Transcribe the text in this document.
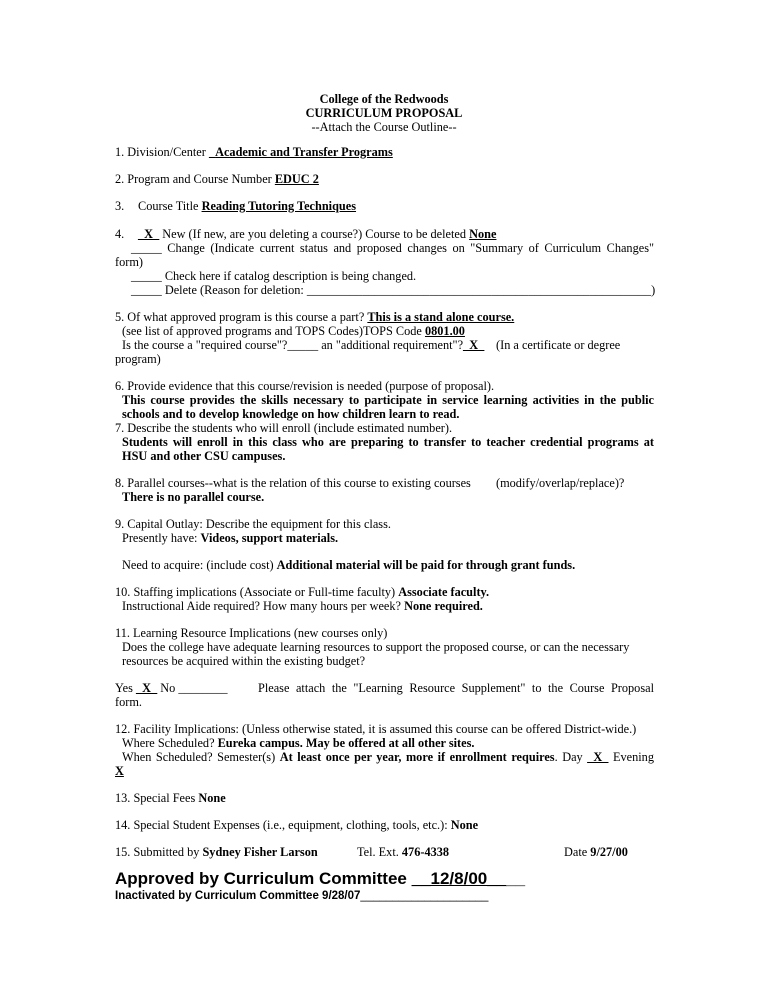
College of the Redwoods
CURRICULUM PROPOSAL
--Attach the Course Outline--
1. Division/Center _Academic and Transfer Programs
2. Program and Course Number EDUC 2
3. Course Title Reading Tutoring Techniques
4. _X_ New (If new, are you deleting a course?) Course to be deleted None
_____ Change (Indicate current status and proposed changes on "Summary of Curriculum Changes"
form)
_____ Check here if catalog description is being changed.
_____ Delete (Reason for deletion: ________________________________________________________)
5. Of what approved program is this course a part? This is a stand alone course.
(see list of approved programs and TOPS Codes)TOPS Code 0801.00
Is the course a "required course"?_____ an "additional requirement"?_X_ (In a certificate or degree
program)
6. Provide evidence that this course/revision is needed (purpose of proposal).
This course provides the skills necessary to participate in service learning activities in the public
schools and to develop knowledge on how children learn to read.
7. Describe the students who will enroll (include estimated number).
Students will enroll in this class who are preparing to transfer to teacher credential programs at
HSU and other CSU campuses.
8. Parallel courses--what is the relation of this course to existing courses (modify/overlap/replace)?
There is no parallel course.
9. Capital Outlay: Describe the equipment for this class.
Presently have: Videos, support materials.
Need to acquire: (include cost) Additional material will be paid for through grant funds.
10. Staffing implications (Associate or Full-time faculty) Associate faculty.
Instructional Aide required? How many hours per week? None required.
11. Learning Resource Implications (new courses only)
Does the college have adequate learning resources to support the proposed course, or can the necessary
resources be acquired within the existing budget?
Yes _X_ No ________ Please attach the "Learning Resource Supplement" to the Course Proposal
form.
12. Facility Implications: (Unless otherwise stated, it is assumed this course can be offered District-wide.)
Where Scheduled? Eureka campus. May be offered at all other sites.
When Scheduled? Semester(s) At least once per year, more if enrollment requires. Day _X_ Evening
X
13. Special Fees None
14. Special Student Expenses (i.e., equipment, clothing, tools, etc.): None
15. Submitted by Sydney Fisher Larson	Tel. Ext. 476-4338	Date 9/27/00
Approved by Curriculum Committee __12/8/00____
Inactivated by Curriculum Committee 9/28/07____________________
